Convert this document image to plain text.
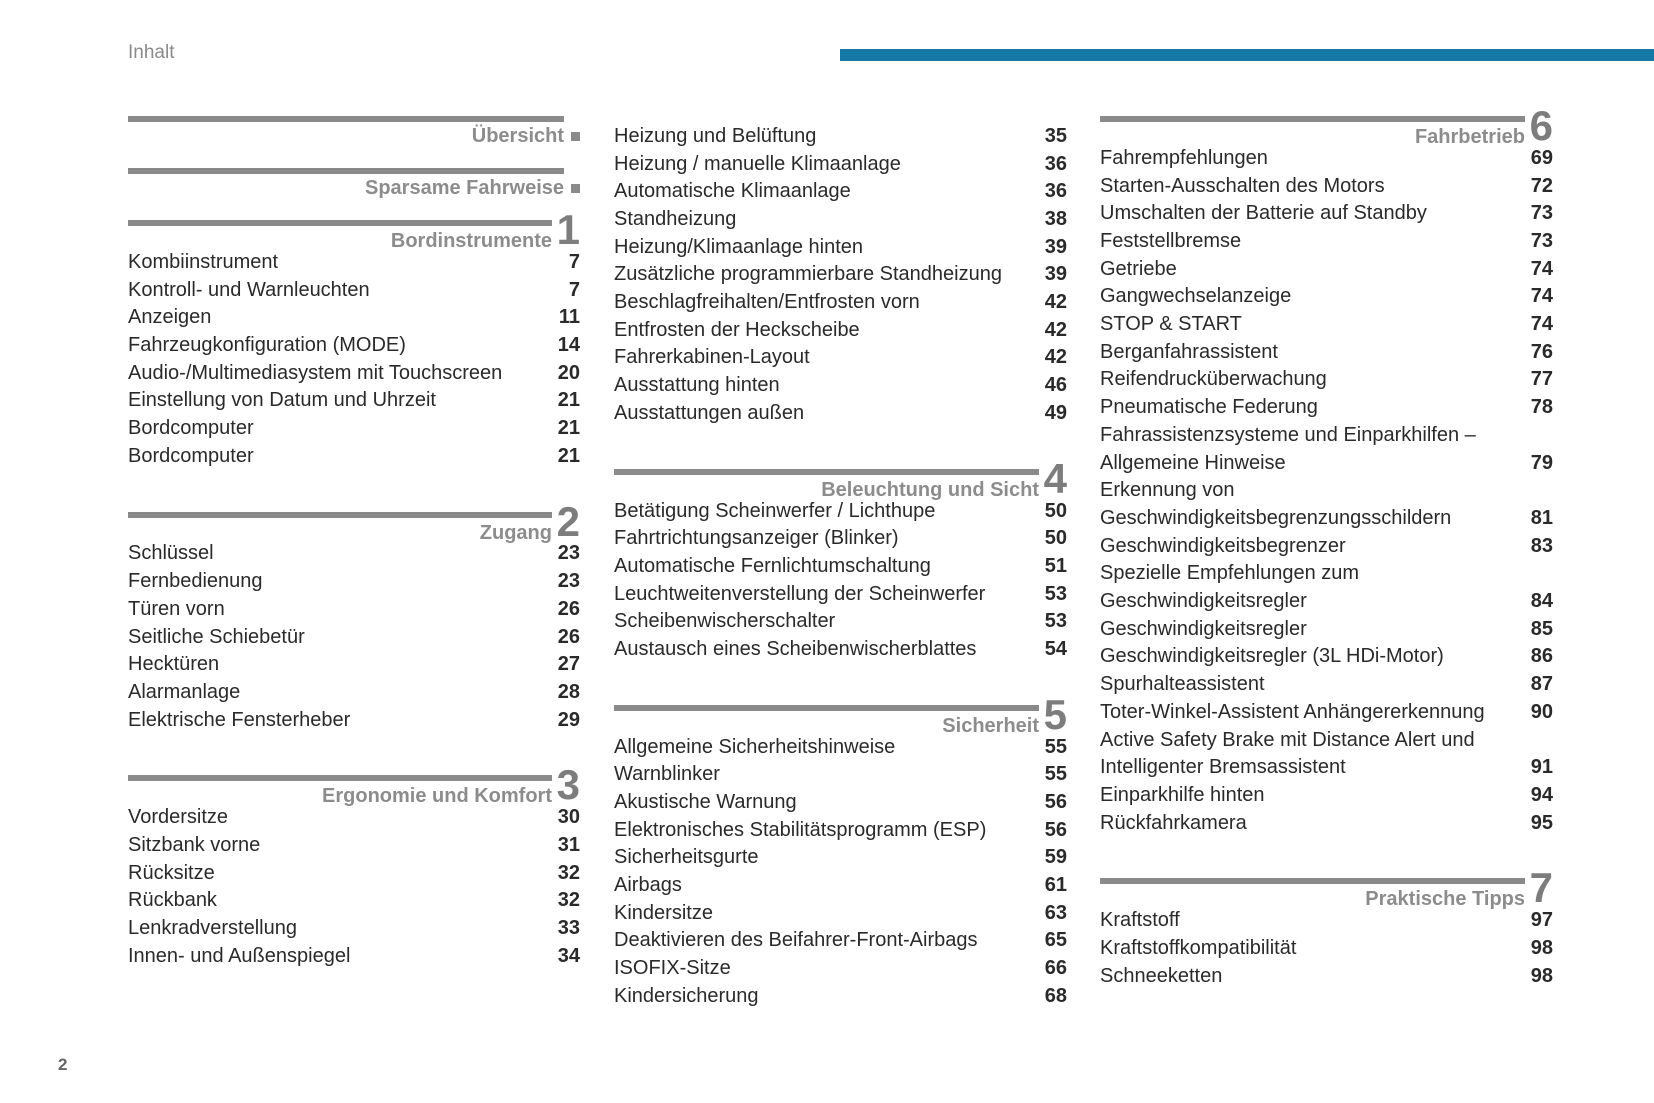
Inhalt
Übersicht
Sparsame Fahrweise
Bordinstrumente 1
Kombiinstrument	7
Kontroll- und Warnleuchten	7
Anzeigen	11
Fahrzeugkonfiguration (MODE)	14
Audio-/Multimediasystem mit Touchscreen	20
Einstellung von Datum und Uhrzeit	21
Bordcomputer	21
Bordcomputer	21
Zugang 2
Schlüssel	23
Fernbedienung	23
Türen vorn	26
Seitliche Schiebetür	26
Hecktüren	27
Alarmanlage	28
Elektrische Fensterheber	29
Ergonomie und Komfort 3
Vordersitze	30
Sitzbank vorne	31
Rücksitze	32
Rückbank	32
Lenkradverstellung	33
Innen- und Außenspiegel	34
Heizung und Belüftung	35
Heizung / manuelle Klimaanlage	36
Automatische Klimaanlage	36
Standheizung	38
Heizung/Klimaanlage hinten	39
Zusätzliche programmierbare Standheizung 39
Beschlagfreihalten/Entfrosten vorn	42
Entfrosten der Heckscheibe	42
Fahrerkabinen-Layout	42
Ausstattung hinten	46
Ausstattungen außen	49
Beleuchtung und Sicht 4
Betätigung Scheinwerfer / Lichthupe	50
Fahrtrichtungsanzeiger (Blinker)	50
Automatische Fernlichtumschaltung	51
Leuchtweitenverstellung der Scheinwerfer	53
Scheibenwischerschalter	53
Austausch eines Scheibenwischerblattes	54
Sicherheit 5
Allgemeine Sicherheitshinweise	55
Warnblinker	55
Akustische Warnung	56
Elektronisches Stabilitätsprogramm (ESP)	56
Sicherheitsgurte	59
Airbags	61
Kindersitze	63
Deaktivieren des Beifahrer-Front-Airbags	65
ISOFIX-Sitze	66
Kindersicherung	68
Fahrbetrieb 6
Fahrempfehlungen	69
Starten-Ausschalten des Motors	72
Umschalten der Batterie auf Standby	73
Feststellbremse	73
Getriebe	74
Gangwechselanzeige	74
STOP & START	74
Berganfahrassistent	76
Reifendrucküberwachung	77
Pneumatische Federung	78
Fahrassistenzsysteme und Einparkhilfen –
Allgemeine Hinweise	79
Erkennung von
Geschwindigkeitsbegrenzungsschildern	81
Geschwindigkeitsbegrenzer	83
Spezielle Empfehlungen zum
Geschwindigkeitsregler	84
Geschwindigkeitsregler	85
Geschwindigkeitsregler (3L HDi-Motor)	86
Spurhalteassistent	87
Toter-Winkel-Assistent Anhängererkennung 90
Active Safety Brake mit Distance Alert und
Intelligenter Bremsassistent	91
Einparkhilfe hinten	94
Rückfahrkamera	95
Praktische Tipps 7
Kraftstoff	97
Kraftstoffkompatibilität	98
Schneeketten	98
2
